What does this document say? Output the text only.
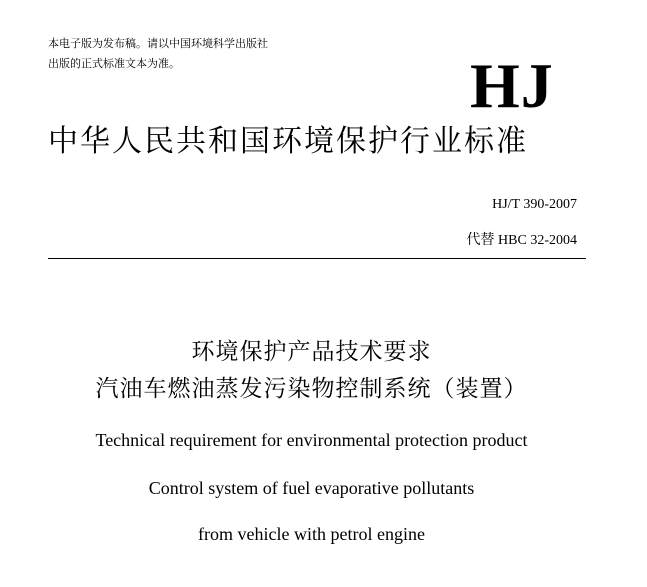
本电子版为发布稿。请以中国环境科学出版社
出版的正式标准文本为准。	HJ
中华人民共和国环境保护行业标准
HJ/T 390-2007
代替 HBC 32-2004
环境保护产品技术要求
汽油车燃油蒸发污染物控制系统（装置）
Technical requirement for environmental protection product
Control system of fuel evaporative pollutants
from vehicle with petrol engine
